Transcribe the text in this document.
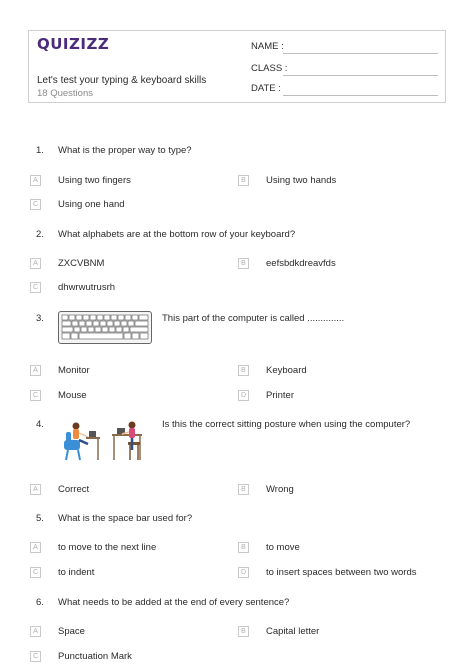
QUIZIZZ
Let's test your typing & keyboard skills
18 Questions
NAME :
CLASS :
DATE :
1. What is the proper way to type?
A	Using two fingers	B	Using two hands
C	Using one hand
2. What alphabets are at the bottom row of your keyboard?
A	ZXCVBNM	B	eefsbdkdreavfds
C	dhwrwutrusrh
3.	This part of the computer is called ..............
A	Monitor	B	Keyboard
C	Mouse	D	Printer
4.	Is this the correct sitting posture when using the computer?
A	Correct	B	Wrong
5. What is the space bar used for?
A	to move to the next line	B	to move
C	to indent	D	to insert spaces between two words
6. What needs to be added at the end of every sentence?
A	Space	B	Capital letter
C	Punctuation Mark
